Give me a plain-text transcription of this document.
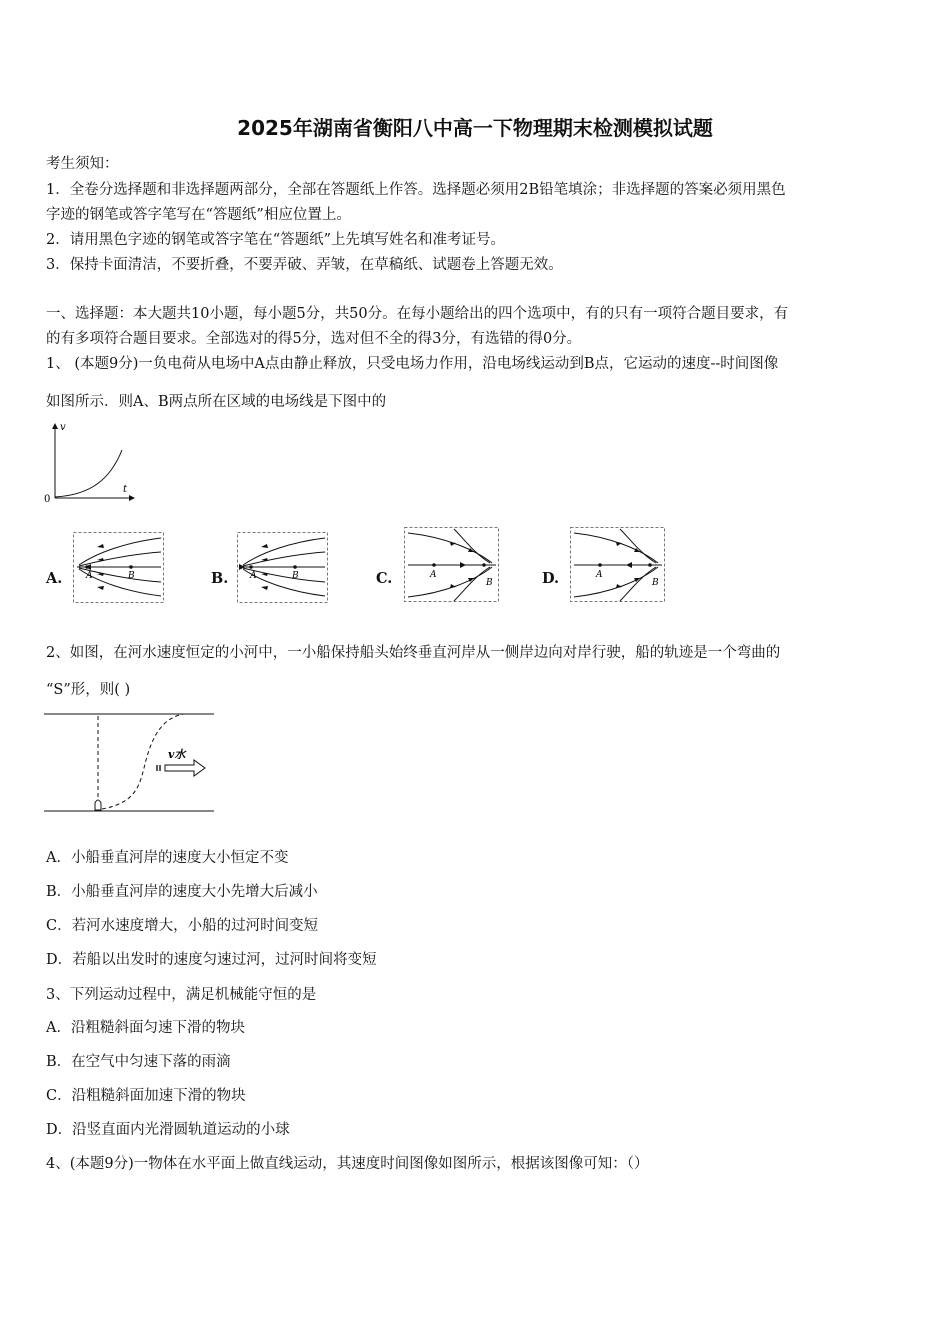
2025年湖南省衡阳八中高一下物理期末检测模拟试题
考生须知：
1．全卷分选择题和非选择题两部分，全部在答题纸上作答。选择题必须用2B铅笔填涂；非选择题的答案必须用黑色
字迹的钢笔或答字笔写在“答题纸”相应位置上。
2．请用黑色字迹的钢笔或答字笔在“答题纸”上先填写姓名和准考证号。
3．保持卡面清洁，不要折叠，不要弄破、弄皱，在草稿纸、试题卷上答题无效。
一、选择题：本大题共10小题，每小题5分，共50分。在每小题给出的四个选项中，有的只有一项符合题目要求，有
的有多项符合题目要求。全部选对的得5分，选对但不全的得3分，有选错的得0分。
1、 (本题9分)一负电荷从电场中A点由静止释放，只受电场力作用，沿电场线运动到B点，它运动的速度--时间图像
如图所示．则A、B两点所在区域的电场线是下图中的
v
t
0
A.	B.	C.	D.
A	B	A	B	A
B
A
B
2、如图，在河水速度恒定的小河中，一小船保持船头始终垂直河岸从一侧岸边向对岸行驶，船的轨迹是一个弯曲的
“S”形，则( )
v水
A．小船垂直河岸的速度大小恒定不变
B．小船垂直河岸的速度大小先增大后减小
C．若河水速度增大，小船的过河时间变短
D．若船以出发时的速度匀速过河，过河时间将变短
3、下列运动过程中，满足机械能守恒的是
A．沿粗糙斜面匀速下滑的物块
B．在空气中匀速下落的雨滴
C．沿粗糙斜面加速下滑的物块
D．沿竖直面内光滑圆轨道运动的小球
4、(本题9分)一物体在水平面上做直线运动，其速度时间图像如图所示，根据该图像可知：（）
